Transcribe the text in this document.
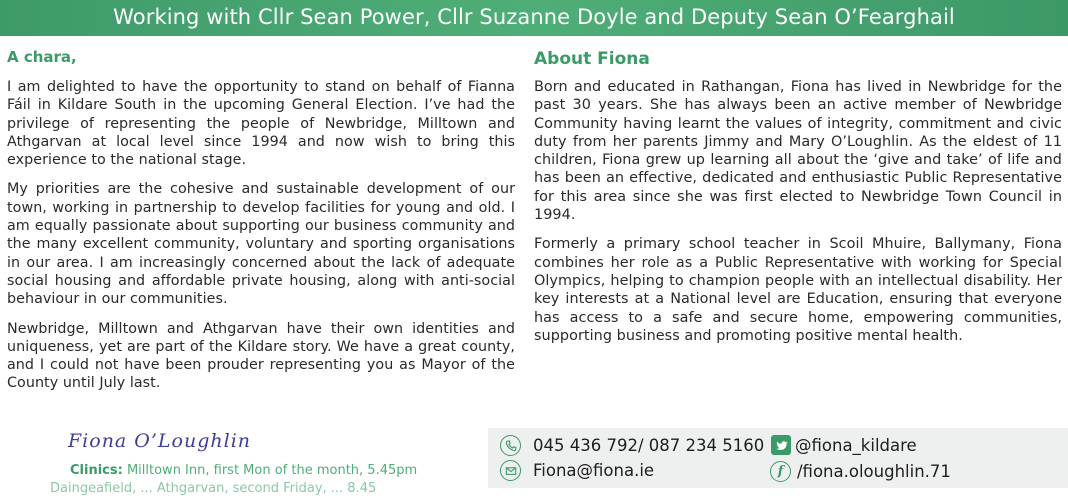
Working with Cllr Sean Power, Cllr Suzanne Doyle and Deputy Sean O’Fearghail
A chara,

I am delighted to have the opportunity to stand on behalf of Fianna Fáil in Kildare South in the upcoming General Election. I’ve had the privilege of representing the people of Newbridge, Milltown and Athgarvan at local level since 1994 and now wish to bring this experience to the national stage.

My priorities are the cohesive and sustainable development of our town, working in partnership to develop facilities for young and old. I am equally passionate about supporting our business community and the many excellent community, voluntary and sporting organisations in our area. I am increasingly concerned about the lack of adequate social housing and affordable private housing, along with anti-social behaviour in our communities.

Newbridge, Milltown and Athgarvan have their own identities and uniqueness, yet are part of the Kildare story. We have a great county, and I could not have been prouder representing you as Mayor of the County until July last.

About Fiona

Born and educated in Rathangan, Fiona has lived in Newbridge for the past 30 years. She has always been an active member of Newbridge Community having learnt the values of integrity, commitment and civic duty from her parents Jimmy and Mary O’Loughlin. As the eldest of 11 children, Fiona grew up learning all about the ‘give and take’ of life and has been an effective, dedicated and enthusiastic Public Representative for this area since she was first elected to Newbridge Town Council in 1994.

Formerly a primary school teacher in Scoil Mhuire, Ballymany, Fiona combines her role as a Public Representative with working for Special Olympics, helping to champion people with an intellectual disability. Her key interests at a National level are Education, ensuring that everyone has access to a safe and secure home, empowering communities, supporting business and promoting positive mental health.

Fiona O’Loughlin
Clinics: Milltown Inn, first Mon of the month, 5.45pm
Daingeafield, ... Athgarvan, second Friday, ... 8.45
045 436 792/ 087 234 5160 @fiona_kildare
Fiona@fiona.ie	f /fiona.oloughlin.71
